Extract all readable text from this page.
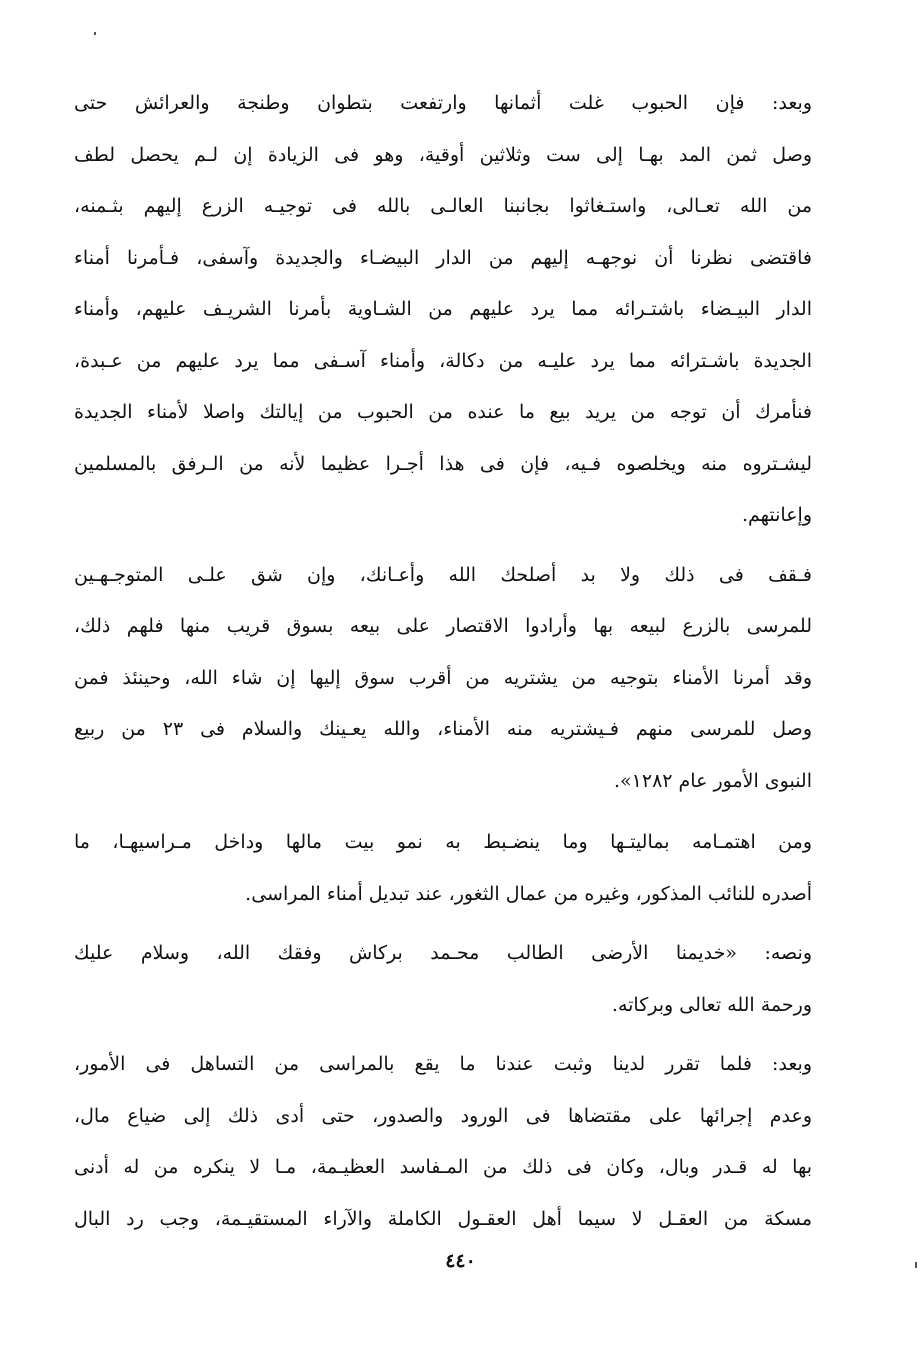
وبعد: فإن الحبوب غلت أثمانها وارتفعت بتطوان وطنجة والعرائش حتى
وصل ثمن المد بهـا إلى ست وثلاثين أوقية، وهو فى الزيادة إن لـم يحصل لطف
من الله تعـالى، واستـغاثوا بجانبنا العالـى بالله فى توجيـه الزرع إليهم بثـمنه،
فاقتضى نظرنا أن نوجهـه إليهم من الدار البيضـاء والجديدة وآسفى، فـأمرنا أمناء
الدار البيـضاء باشتـرائه مما يرد عليهم من الشـاوية بأمرنا الشريـف عليهم، وأمناء
الجديدة باشـترائه مما يرد عليـه من دكالة، وأمناء آسـفى مما يرد عليهم من عـبدة،
فنأمرك أن توجه من يريد بيع ما عنده من الحبوب من إيالتك واصلا لأمناء الجديدة
ليشـتروه منه ويخلصوه فـيه، فإن فى هذا أجـرا عظيما لأنه من الـرفق بالمسلمين
وإعانتهم.
فـقف فى ذلك ولا بد أصلحك الله وأعـانك، وإن شق علـى المتوجـهـين
للمرسى بالزرع لبيعه بها وأرادوا الاقتصار على بيعه بسوق قريب منها فلهم ذلك،
وقد أمرنا الأمناء بتوجيه من يشتريه من أقرب سوق إليها إن شاء الله، وحينئذ فمن
وصل للمرسى منهم فـيشتريه منه الأمناء، والله يعـينك والسلام فى ٢٣ من ربيع
النبوى الأمور عام ١٢٨٢».
ومن اهتمـامه بماليتـها وما ينضـبط به نمو بيت مالها وداخل مـراسيهـا، ما
أصدره للنائب المذكور، وغيره من عمال الثغور، عند تبديل أمناء المراسى.
ونصه: «خديمنا الأرضى الطالب محـمد بركاش وفقك الله، وسلام عليك
ورحمة الله تعالى وبركاته.
وبعد: فلما تقرر لدينا وثبت عندنا ما يقع بالمراسى من التساهل فى الأمور،
وعدم إجرائها على مقتضاها فى الورود والصدور، حتى أدى ذلك إلى ضياع مال،
بها له قـدر وبال، وكان فى ذلك من المـفاسد العظيـمة، مـا لا ينكره من له أدنى
مسكة من العقـل لا سيما أهل العقـول الكاملة والآراء المستقيـمة، وجب رد البال
٤٤٠
